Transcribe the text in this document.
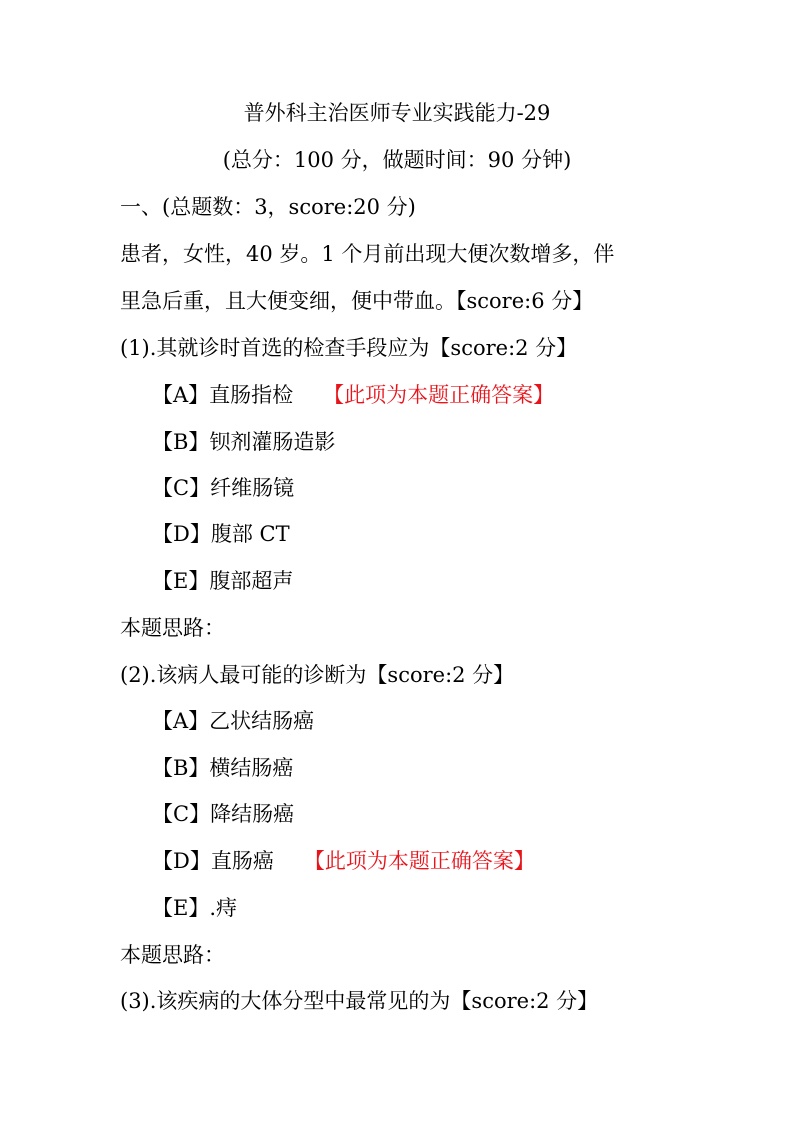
普外科主治医师专业实践能力-29
(总分：100 分，做题时间：90 分钟)
一、(总题数：3，score:20 分)
患者，女性，40 岁。1 个月前出现大便次数增多，伴
里急后重，且大便变细，便中带血。【score:6 分】
(1).其就诊时首选的检查手段应为【score:2 分】
【A】直肠指检 【此项为本题正确答案】
【B】钡剂灌肠造影
【C】纤维肠镜
【D】腹部 CT
【E】腹部超声
本题思路：
(2).该病人最可能的诊断为【score:2 分】
【A】乙状结肠癌
【B】横结肠癌
【C】降结肠癌
【D】直肠癌 【此项为本题正确答案】
【E】.痔
本题思路：
(3).该疾病的大体分型中最常见的为【score:2 分】
